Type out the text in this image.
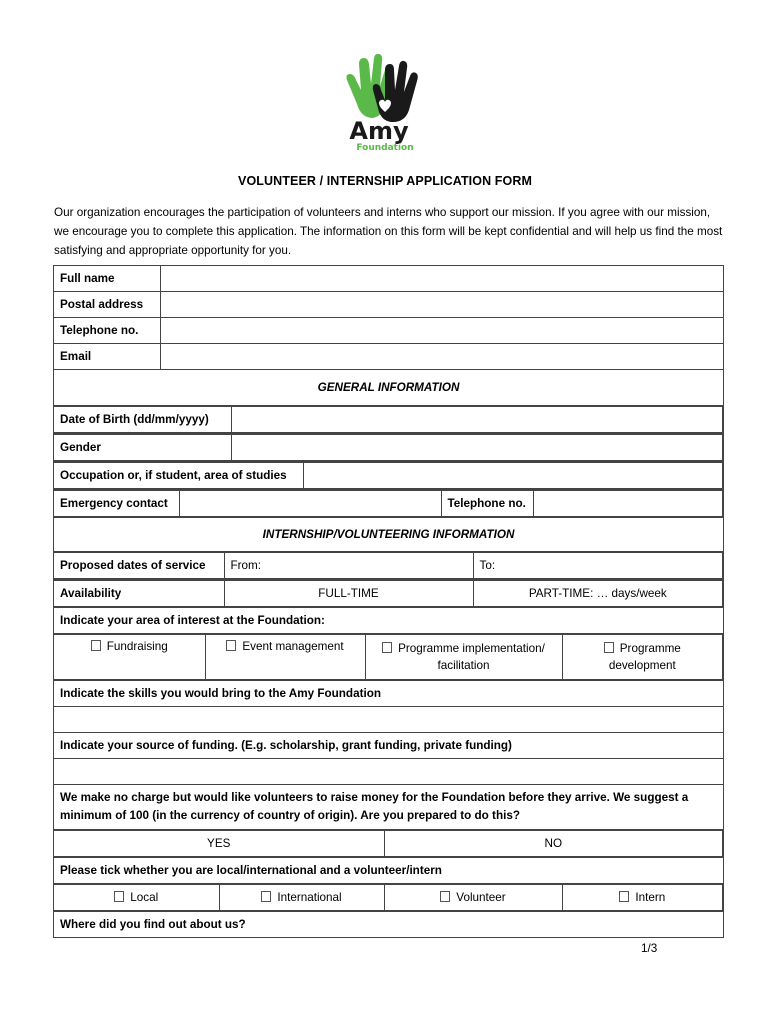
Amy
Foundation
VOLUNTEER / INTERNSHIP APPLICATION FORM
Our organization encourages the participation of volunteers and interns who support our mission. If you agree with our mission, we encourage you to complete this application. The information on this form will be kept confidential and will help us find the most satisfying and appropriate opportunity for you.
Full name	
Postal address	
Telephone no.	
Email	
GENERAL INFORMATION

Date of Birth (dd/mm/yyyy)	

Gender	

Occupation or, if student, area of studies	

Emergency contact		Telephone no.	

INTERNSHIP/VOLUNTEERING INFORMATION

Proposed dates of service	From:	To:

Availability	FULL-TIME	PART-TIME: … days/week

Indicate your area of interest at the Foundation:

Fundraising	Event management	Programme implementation/ facilitation	Programme development

Indicate the skills you would bring to the Amy Foundation

Indicate your source of funding. (E.g. scholarship, grant funding, private funding)

We make no charge but would like volunteers to raise money for the Foundation before they arrive. We suggest a minimum of 100 (in the currency of country of origin). Are you prepared to do this?

YES	NO

Please tick whether you are local/international and a volunteer/intern

Local	International	Volunteer	Intern

Where did you find out about us?
1/3
